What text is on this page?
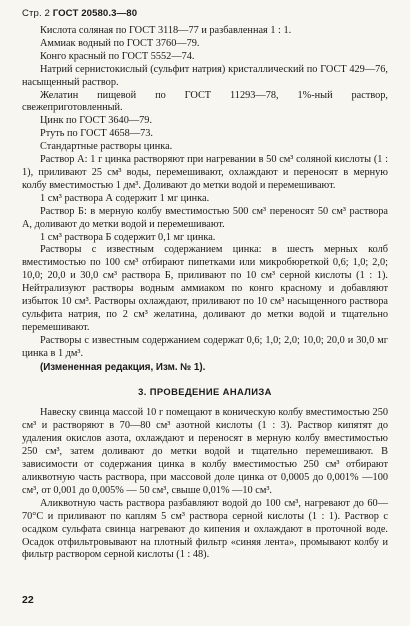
Стр. 2 ГОСТ 20580.3—80

Кислота соляная по ГОСТ 3118—77 и разбавленная 1 : 1.

Аммиак водный по ГОСТ 3760—79.

Конго красный по ГОСТ 5552—74.

Натрий сернистокислый (сульфит натрия) кристаллический по ГОСТ 429—76, насыщенный раствор.

Желатин пищевой по ГОСТ 11293—78, 1%-ный раствор, свежеприготовленный.

Цинк по ГОСТ 3640—79.

Ртуть по ГОСТ 4658—73.

Стандартные растворы цинка.

Раствор А: 1 г цинка растворяют при нагревании в 50 см³ соляной кислоты (1 : 1), приливают 25 см³ воды, перемешивают, охлаждают и переносят в мерную колбу вместимостью 1 дм³. Доливают до метки водой и перемешивают.

1 см³ раствора А содержит 1 мг цинка.

Раствор Б: в мерную колбу вместимостью 500 см³ переносят 50 см³ раствора А, доливают до метки водой и перемешивают.

1 см³ раствора Б содержит 0,1 мг цинка.

Растворы с известным содержанием цинка: в шесть мерных колб вместимостью по 100 см³ отбирают пипетками или микробюреткой 0,6; 1,0; 2,0; 10,0; 20,0 и 30,0 см³ раствора Б, приливают по 10 см³ серной кислоты (1 : 1). Нейтрализуют растворы водным аммиаком по конго красному и добавляют избыток 10 см³. Растворы охлаждают, приливают по 10 см³ насыщенного раствора сульфита натрия, по 2 см³ желатина, доливают до метки водой и тщательно перемешивают.

Растворы с известным содержанием содержат 0,6; 1,0; 2,0; 10,0; 20,0 и 30,0 мг цинка в 1 дм³.

(Измененная редакция, Изм. № 1).

3. ПРОВЕДЕНИЕ АНАЛИЗА

Навеску свинца массой 10 г помещают в коническую колбу вместимостью 250 см³ и растворяют в 70—80 см³ азотной кислоты (1 : 3). Раствор кипятят до удаления окислов азота, охлаждают и переносят в мерную колбу вместимостью 250 см³, затем доливают до метки водой и тщательно перемешивают. В зависимости от содержания цинка в колбу вместимостью 250 см³ отбирают аликвотную часть раствора, при массовой доле цинка от 0,0005 до 0,001% —100 см³, от 0,001 до 0,005% — 50 см³, свыше 0,01% —10 см³.

Аликвотную часть раствора разбавляют водой до 100 см³, нагревают до 60—70°С и приливают по каплям 5 см³ раствора серной кислоты (1 : 1). Раствор с осадком сульфата свинца нагревают до кипения и охлаждают в проточной воде. Осадок отфильтровывают на плотный фильтр «синяя лента», промывают колбу и фильтр раствором серной кислоты (1 : 48).

22
